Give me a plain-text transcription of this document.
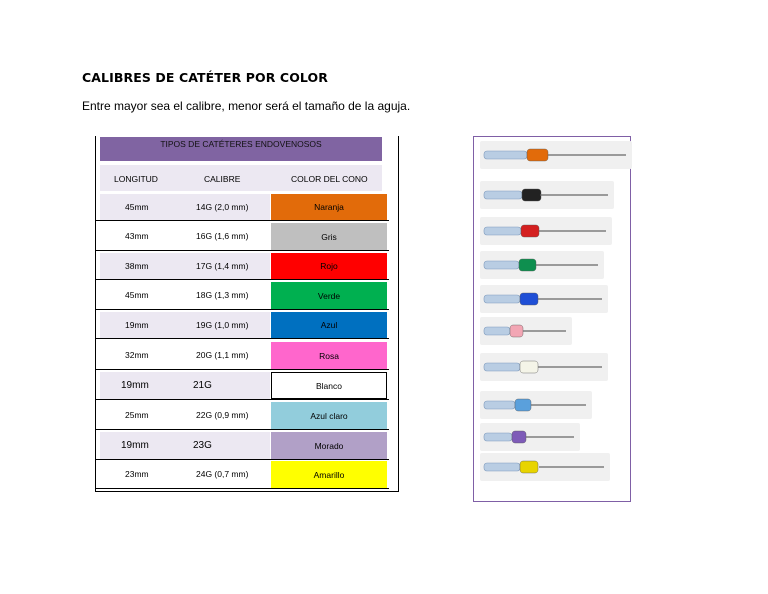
CALIBRES DE CATÉTER POR COLOR
Entre mayor sea el calibre, menor será el tamaño de la aguja.
TIPOS DE CATÉTERES ENDOVENOSOS
LONGITUD	CALIBRE	COLOR DEL CONO
45mm	14G (2,0 mm)	Naranja
43mm	16G (1,6 mm)	Gris
38mm	17G (1,4 mm)	Rojo
45mm	18G (1,3 mm)	Verde
19mm	19G (1,0 mm)	Azul
32mm	20G (1,1 mm)	Rosa
19mm	21G	Blanco
25mm	22G (0,9 mm)	Azul claro
19mm	23G	Morado
23mm	24G (0,7 mm)	Amarillo
